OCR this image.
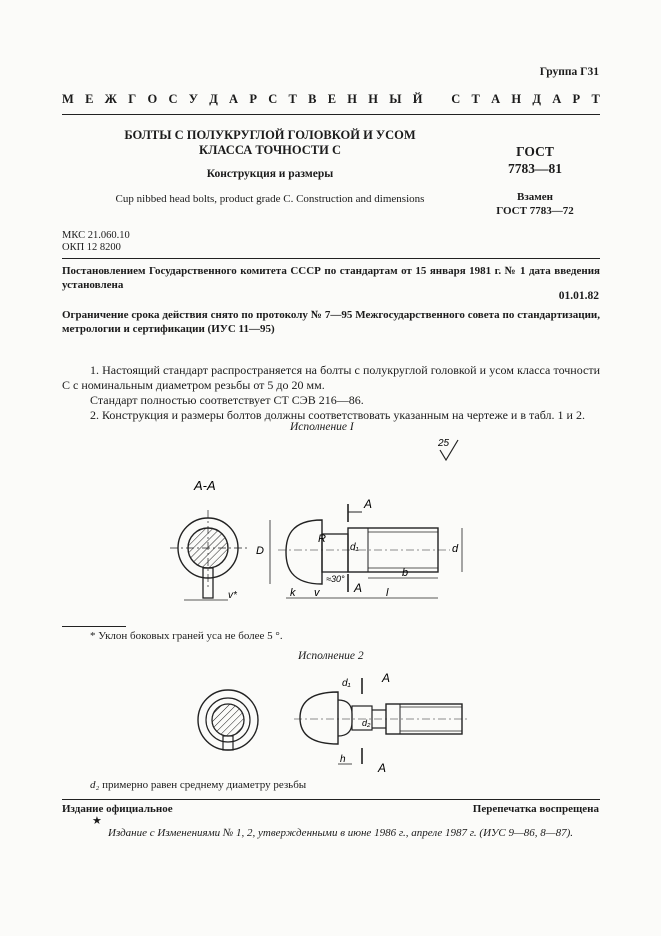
Группа Г31
М Е Ж Г О С У Д А Р С Т В Е Н Н Ы Й
С Т А Н Д А Р Т
БОЛТЫ С ПОЛУКРУГЛОЙ ГОЛОВКОЙ И УСОМ
КЛАССА ТОЧНОСТИ С
Конструкция и размеры
Cup nibbed head bolts, product grade C. Construction and dimensions
ГОСТ
7783—81
Взамен
ГОСТ 7783—72
МКС 21.060.10
ОКП 12 8200
Постановлением Государственного комитета СССР по стандартам от 15 января 1981 г. № 1 дата введения установлена
01.01.82
Ограничение срока действия снято по протоколу № 7—95 Межгосударственного совета по стандартизации, метрологии и сертификации (ИУС 11—95)
1. Настоящий стандарт распространяется на болты с полукруглой головкой и усом класса точности С с номинальным диаметром резьбы от 5 до 20 мм.
Стандарт полностью соответствует СТ СЭВ 216—86.
2. Конструкция и размеры болтов должны соответствовать указанным на чертеже и в табл. 1 и 2.
Исполнение I
25
А-А
v*
D
R
d₁	d
≈30°	b
k v	l
А
А
* Уклон боковых граней уса не более 5 °.
Исполнение 2
d₁
d₂
h
А
А
d₂ примерно равен среднему диаметру резьбы
Издание официальное	Перепечатка воспрещена
★
Издание с Изменениями № 1, 2, утвержденными в июне 1986 г., апреле 1987 г. (ИУС 9—86, 8—87).
